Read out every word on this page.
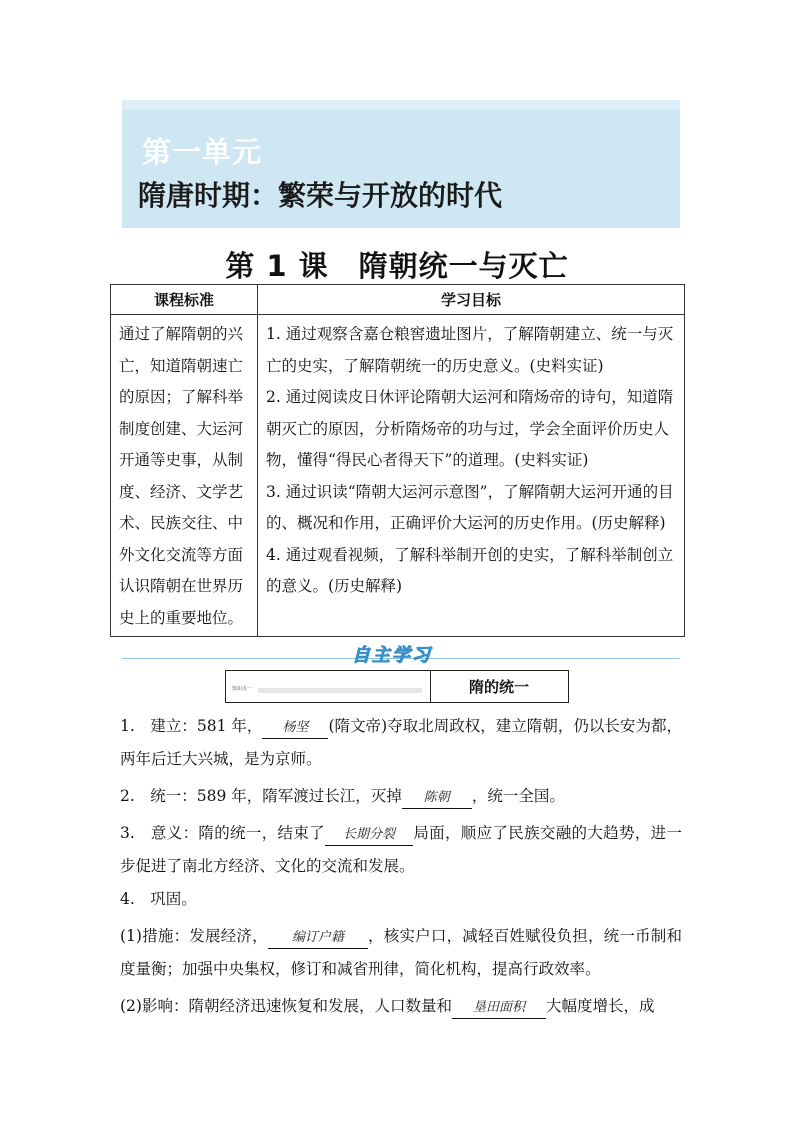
第一单元
隋唐时期：繁荣与开放的时代
第 1 课　隋朝统一与灭亡
课程标准	学习目标
通过了解隋朝的兴亡，知道隋朝速亡的原因；了解科举制度创建、大运河开通等史事，从制度、经济、文学艺术、民族交往、中外文化交流等方面认识隋朝在世界历史上的重要地位。	1. 通过观察含嘉仓粮窖遗址图片，了解隋朝建立、统一与灭亡的史实，了解隋朝统一的历史意义。(史料实证)
2. 通过阅读皮日休评论隋朝大运河和隋炀帝的诗句，知道隋朝灭亡的原因，分析隋炀帝的功与过，学会全面评价历史人物，懂得“得民心者得天下”的道理。(史料实证)
3. 通过识读“隋朝大运河示意图”，了解隋朝大运河开通的目的、概况和作用，正确评价大运河的历史作用。(历史解释)
4. 通过观看视频，了解科举制开创的史实，了解科举制创立的意义。(历史解释)
自主学习
知识点一	隋的统一

1.　建立：581 年， 杨坚 (隋文帝)夺取北周政权，建立隋朝，仍以长安为都，两年后迁大兴城，是为京师。

2.　统一：589 年，隋军渡过长江，灭掉 陈朝 ，统一全国。

3.　意义：隋的统一，结束了 长期分裂 局面，顺应了民族交融的大趋势，进一步促进了南北方经济、文化的交流和发展。

4.　巩固。

(1)措施：发展经济， 编订户籍 ，核实户口，减轻百姓赋役负担，统一币制和度量衡；加强中央集权，修订和减省刑律，简化机构，提高行政效率。

(2)影响：隋朝经济迅速恢复和发展，人口数量和 垦田面积 大幅度增长，成
